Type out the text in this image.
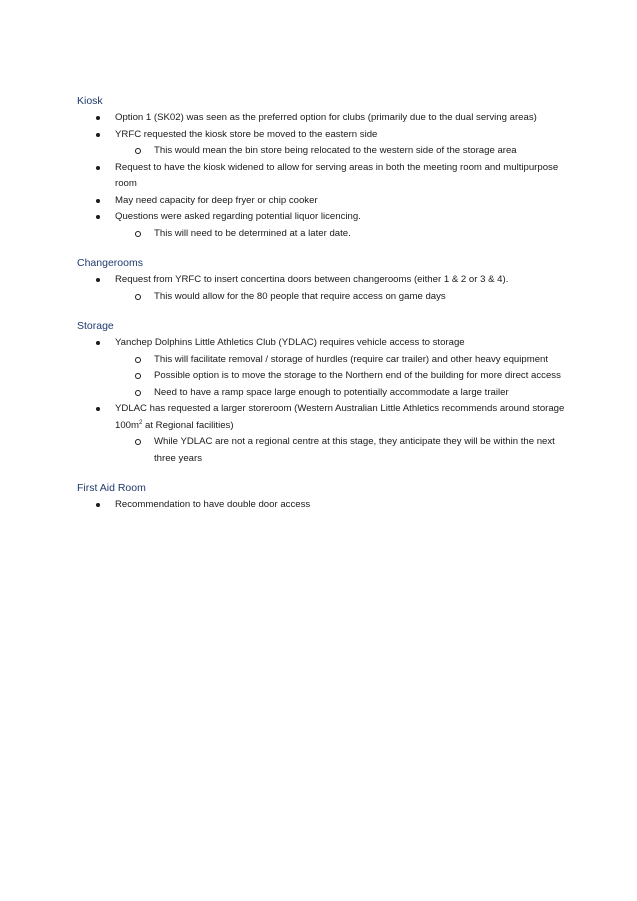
Kiosk
Option 1 (SK02) was seen as the preferred option for clubs (primarily due to the dual serving areas)
YRFC requested the kiosk store be moved to the eastern side
This would mean the bin store being relocated to the western side of the storage area
Request to have the kiosk widened to allow for serving areas in both the meeting room and multipurpose room
May need capacity for deep fryer or chip cooker
Questions were asked regarding potential liquor licencing.
This will need to be determined at a later date.
Changerooms
Request from YRFC to insert concertina doors between changerooms (either 1 & 2 or 3 & 4).
This would allow for the 80 people that require access on game days
Storage
Yanchep Dolphins Little Athletics Club (YDLAC) requires vehicle access to storage
This will facilitate removal / storage of hurdles (require car trailer) and other heavy equipment
Possible option is to move the storage to the Northern end of the building for more direct access
Need to have a ramp space large enough to potentially accommodate a large trailer
YDLAC has requested a larger storeroom (Western Australian Little Athletics recommends around storage $100m^2$ at Regional facilities)
While YDLAC are not a regional centre at this stage, they anticipate they will be within the next three years
First Aid Room
Recommendation to have double door access
